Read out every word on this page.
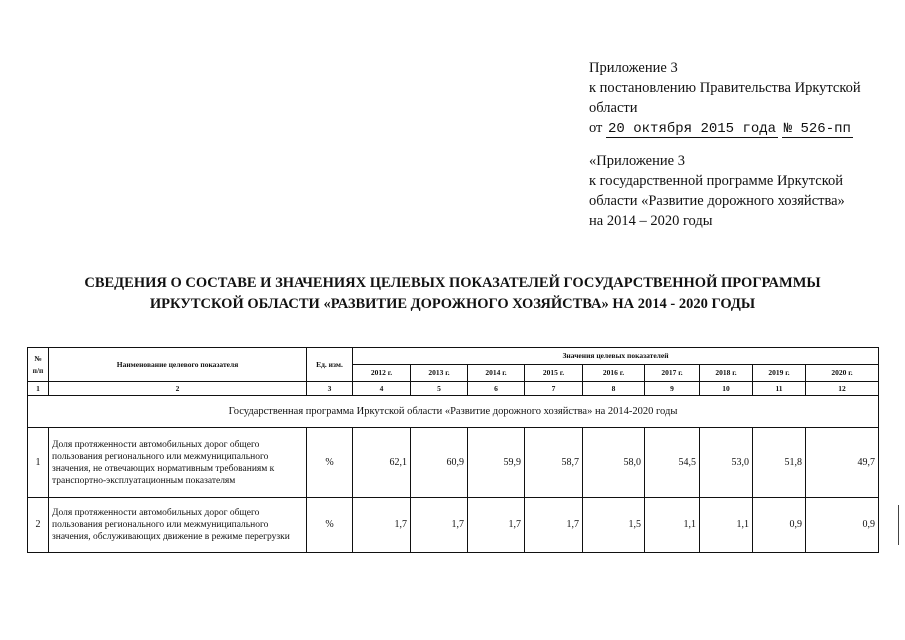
Приложение 3
к постановлению Правительства Иркутской
области
от 20 октября 2015 года № 526-пп
«Приложение 3
к государственной программе Иркутской
области «Развитие дорожного хозяйства»
на 2014 – 2020 годы
СВЕДЕНИЯ О СОСТАВЕ И ЗНАЧЕНИЯХ ЦЕЛЕВЫХ ПОКАЗАТЕЛЕЙ ГОСУДАРСТВЕННОЙ ПРОГРАММЫ
ИРКУТСКОЙ ОБЛАСТИ «РАЗВИТИЕ ДОРОЖНОГО ХОЗЯЙСТВА» НА 2014 - 2020 ГОДЫ
№ п/п	Наименование целевого показателя	Ед. изм.	Значения целевых показателей								
			2012 г.	2013 г.	2014 г.	2015 г.	2016 г.	2017 г.	2018 г.	2019 г.	2020 г.
1	2	3	4	5	6	7	8	9	10	11	12
Государственная программа Иркутской области «Развитие дорожного хозяйства» на 2014-2020 годы											
1	Доля протяженности автомобильных дорог общего пользования регионального или межмуниципального значения, не отвечающих нормативным требованиям к транспортно-эксплуатационным показателям	%	62,1	60,9	59,9	58,7	58,0	54,5	53,0	51,8	49,7
2	Доля протяженности автомобильных дорог общего пользования регионального или межмуниципального значения, обслуживающих движение в режиме перегрузки	%	1,7	1,7	1,7	1,7	1,5	1,1	1,1	0,9	0,9
